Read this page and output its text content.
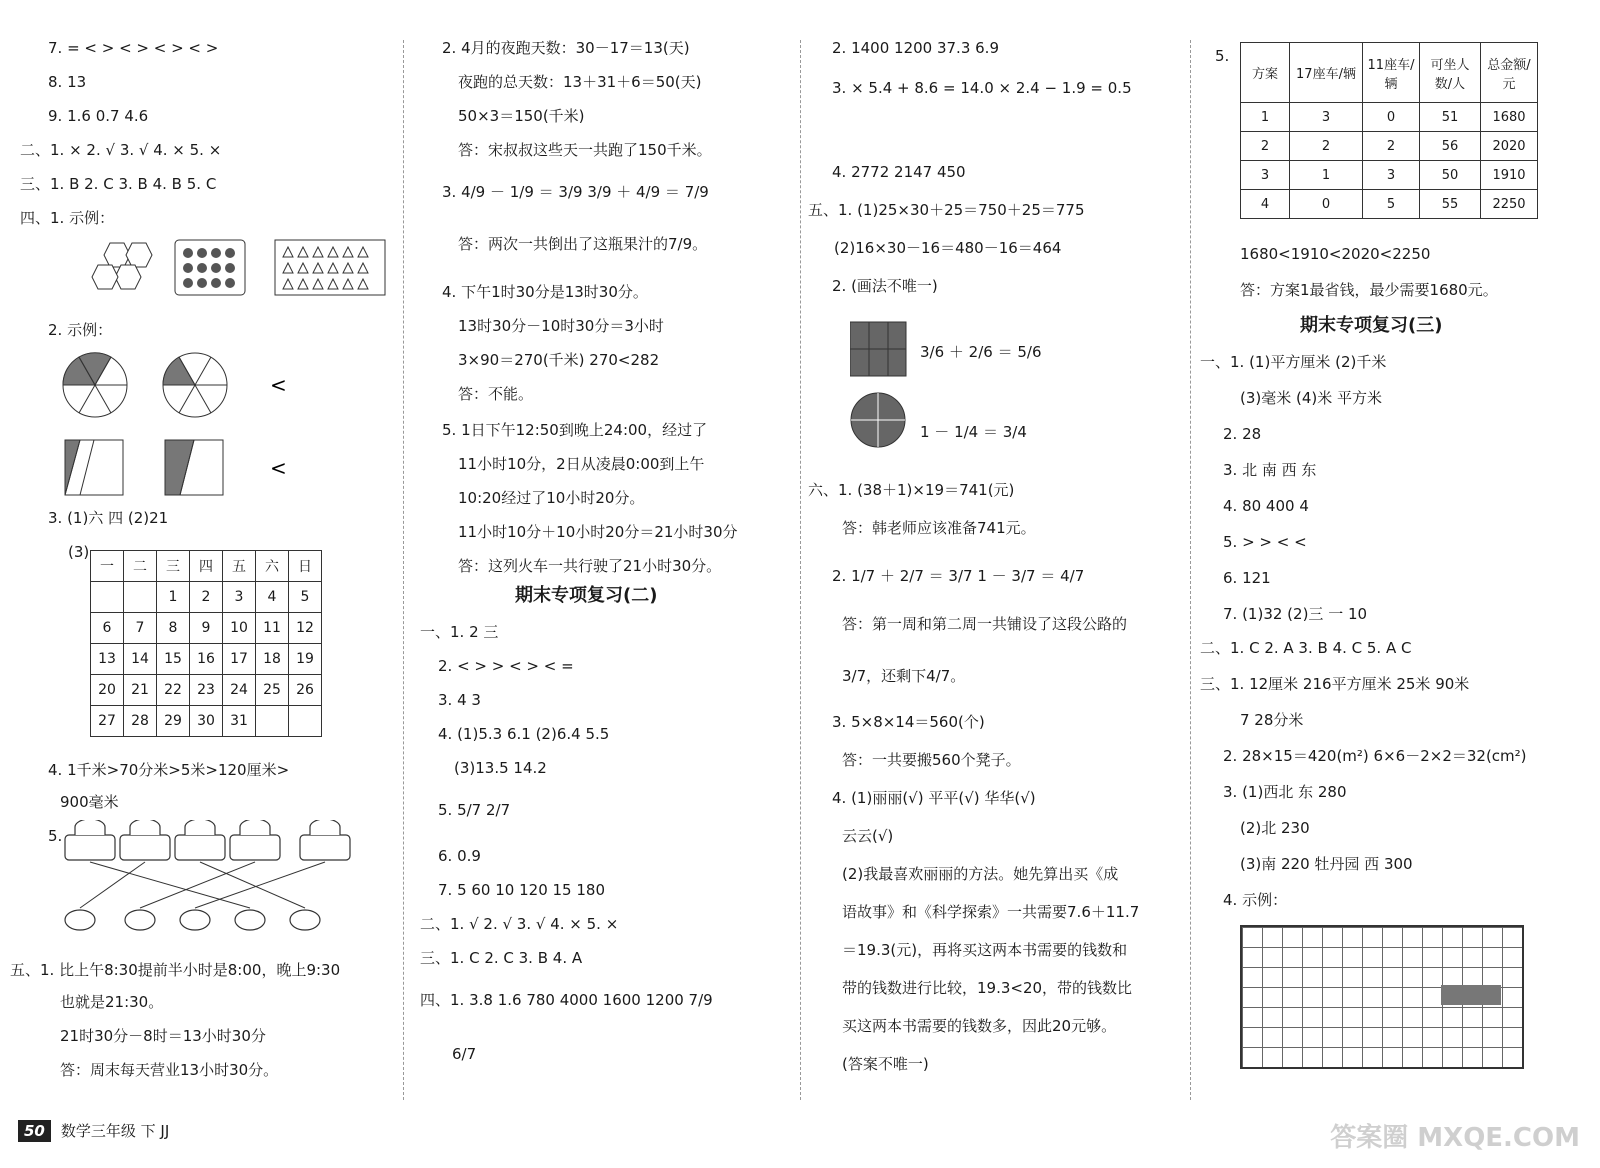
7. = < > < > < > < >
8. 13
9. 1.6 0.7 4.6
二、1. × 2. √ 3. √ 4. × 5. ×
三、1. B 2. C 3. B 4. B 5. C
四、1. 示例：
2. 示例：
<
<
3. (1)六 四 (2)21
(3)
一	二	三	四	五	六	日
		1	2	3	4	5
6	7	8	9	10	11	12
13	14	15	16	17	18	19
20	21	22	23	24	25	26
27	28	29	30	31		
4. 1千米>70分米>5米>120厘米>
900毫米
5.
五、1. 比上午8:30提前半小时是8:00，晚上9:30
也就是21:30。
21时30分－8时＝13小时30分
答：周末每天营业13小时30分。
2. 4月的夜跑天数：30－17＝13(天)
夜跑的总天数：13＋31＋6＝50(天)
50×3＝150(千米)
答：宋叔叔这些天一共跑了150千米。
3. 4/9 － 1/9 ＝ 3/9 3/9 ＋ 4/9 ＝ 7/9
答：两次一共倒出了这瓶果汁的7/9。
4. 下午1时30分是13时30分。
13时30分－10时30分＝3小时
3×90＝270(千米) 270<282
答：不能。
5. 1日下午12:50到晚上24:00，经过了
11小时10分，2日从凌晨0:00到上午
10:20经过了10小时20分。
11小时10分＋10小时20分＝21小时30分
答：这列火车一共行驶了21小时30分。
期末专项复习(二)
一、1. 2 三
2. < > > < > < =
3. 4 3
4. (1)5.3 6.1 (2)6.4 5.5
(3)13.5 14.2
5. 5/7 2/7
6. 0.9
7. 5 60 10 120 15 180
二、1. √ 2. √ 3. √ 4. × 5. ×
三、1. C 2. C 3. B 4. A
四、1. 3.8 1.6 780 4000 1600 1200 7/9
6/7
2. 1400 1200 37.3 6.9
3. × 5.4 + 8.6 = 14.0 × 2.4 − 1.9 = 0.5
4. 2772 2147 450
五、1. (1)25×30＋25＝750＋25＝775
(2)16×30－16＝480－16＝464
2. (画法不唯一)
3/6 ＋ 2/6 ＝ 5/6
1 － 1/4 ＝ 3/4
六、1. (38＋1)×19＝741(元)
答：韩老师应该准备741元。
2. 1/7 ＋ 2/7 ＝ 3/7 1 － 3/7 ＝ 4/7
答：第一周和第二周一共铺设了这段公路的
3/7，还剩下4/7。
3. 5×8×14＝560(个)
答：一共要搬560个凳子。
4. (1)丽丽(√) 平平(√) 华华(√)
云云(√)
(2)我最喜欢丽丽的方法。她先算出买《成
语故事》和《科学探索》一共需要7.6＋11.7
＝19.3(元)，再将买这两本书需要的钱数和
带的钱数进行比较，19.3<20，带的钱数比
买这两本书需要的钱数多，因此20元够。
(答案不唯一)
5.
方案	17座车/辆	11座车/辆	可坐人数/人	总金额/元
1	3	0	51	1680
2	2	2	56	2020
3	1	3	50	1910
4	0	5	55	2250
1680<1910<2020<2250
答：方案1最省钱，最少需要1680元。
期末专项复习(三)
一、1. (1)平方厘米 (2)千米
(3)毫米 (4)米 平方米
2. 28
3. 北 南 西 东
4. 80 400 4
5. > > < <
6. 121
7. (1)32 (2)三 一 10
二、1. C 2. A 3. B 4. C 5. A C
三、1. 12厘米 216平方厘米 25米 90米
7 28分米
2. 28×15＝420(m²) 6×6－2×2＝32(cm²)
3. (1)西北 东 280
(2)北 230
(3)南 220 牡丹园 西 300
4. 示例：
50 数学三年级 下 JJ	答案圈 MXQE.COM
